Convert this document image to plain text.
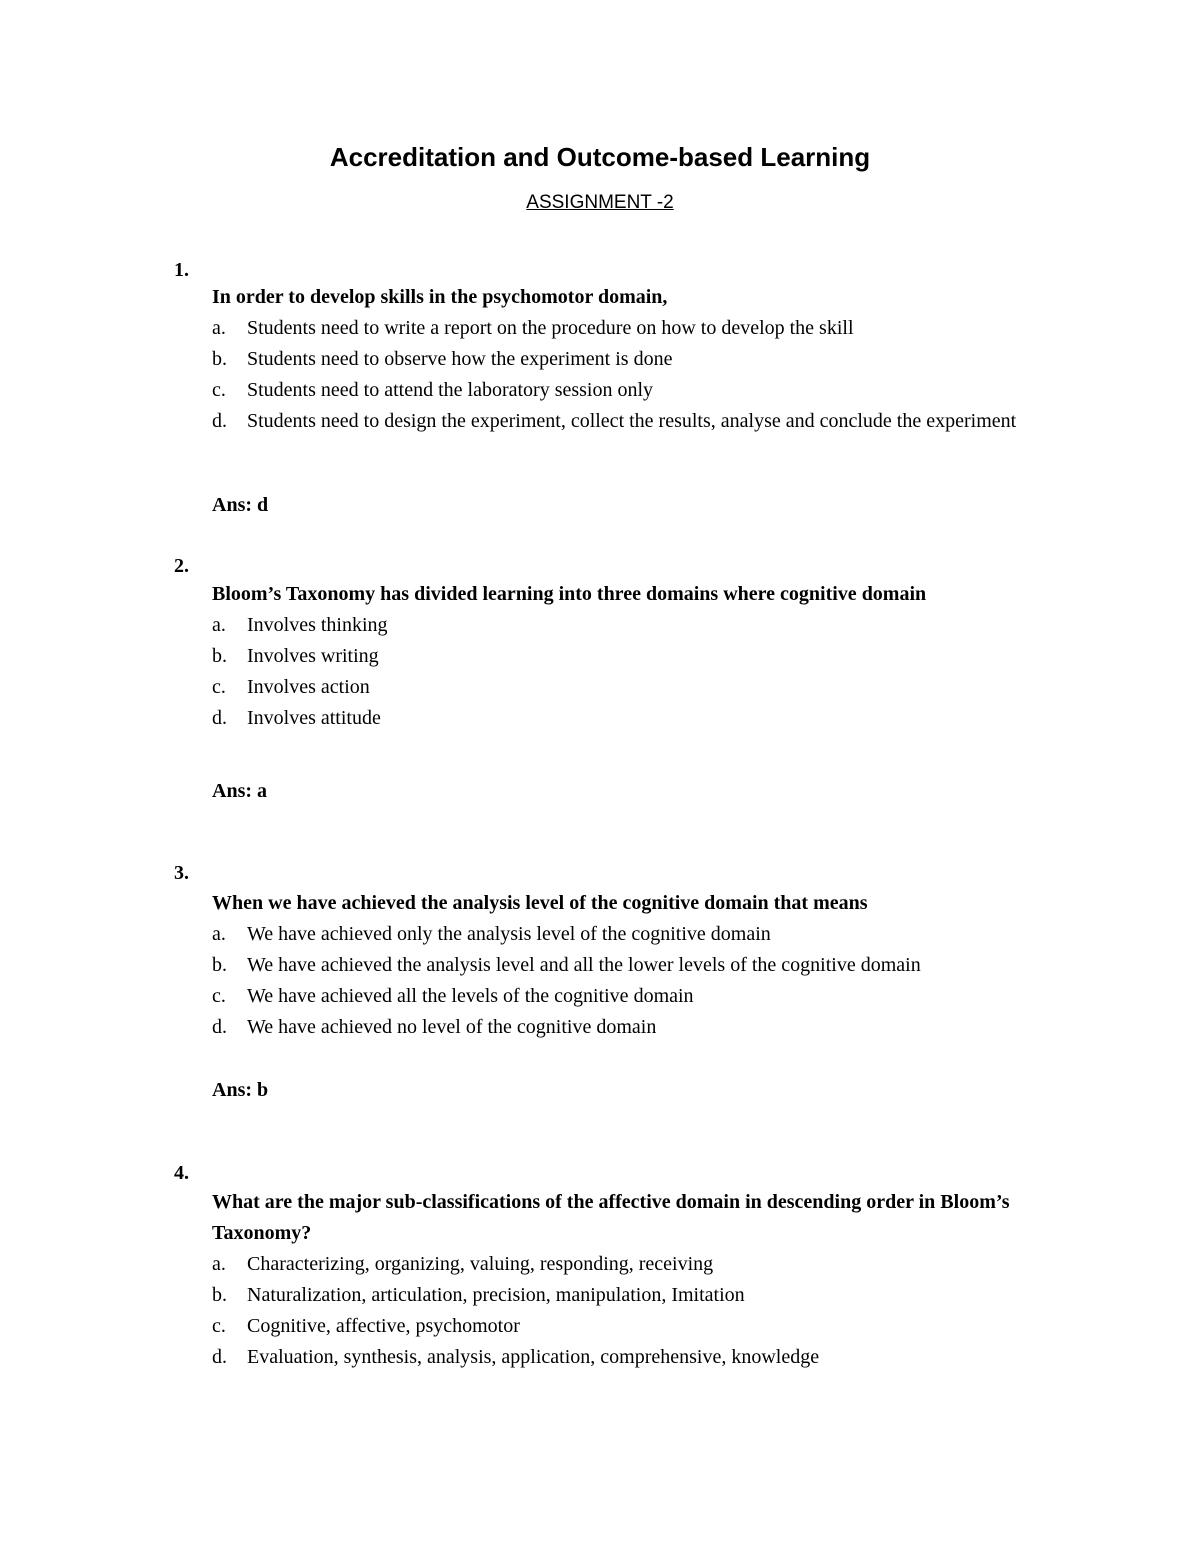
Accreditation and Outcome-based Learning
ASSIGNMENT -2
1.
In order to develop skills in the psychomotor domain,
a. Students need to write a report on the procedure on how to develop the skill
b. Students need to observe how the experiment is done
c. Students need to attend the laboratory session only
d. Students need to design the experiment, collect the results, analyse and conclude the experiment
Ans: d
2.
Bloom’s Taxonomy has divided learning into three domains where cognitive domain
a. Involves thinking
b. Involves writing
c. Involves action
d. Involves attitude
Ans: a
3.
When we have achieved the analysis level of the cognitive domain that means
a. We have achieved only the analysis level of the cognitive domain
b. We have achieved the analysis level and all the lower levels of the cognitive domain
c. We have achieved all the levels of the cognitive domain
d. We have achieved no level of the cognitive domain
Ans: b
4.
What are the major sub-classifications of the affective domain in descending order in Bloom’s Taxonomy?
a. Characterizing, organizing, valuing, responding, receiving
b. Naturalization, articulation, precision, manipulation, Imitation
c. Cognitive, affective, psychomotor
d. Evaluation, synthesis, analysis, application, comprehensive, knowledge
